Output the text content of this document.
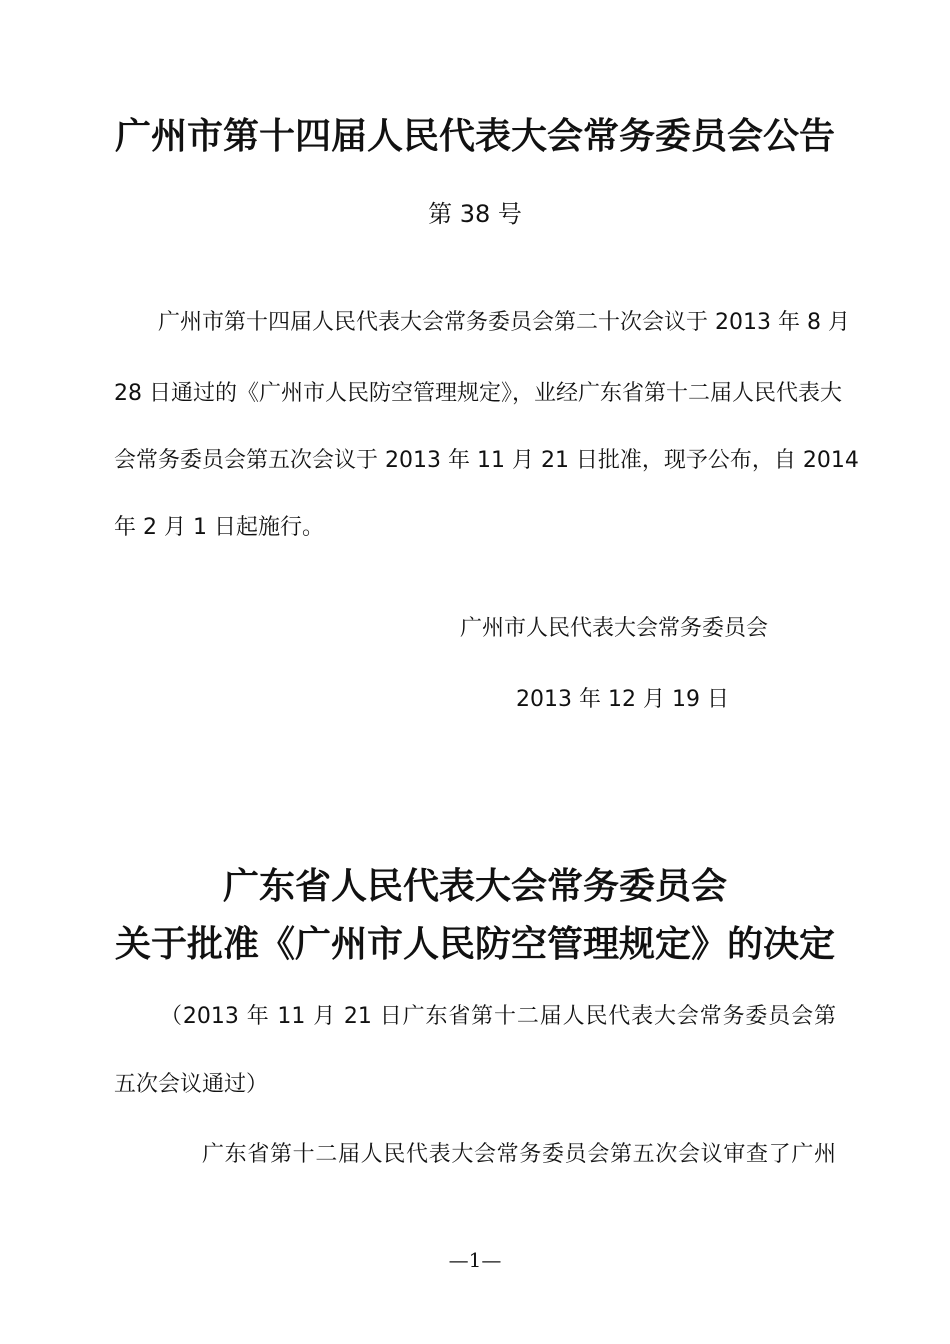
广州市第十四届人民代表大会常务委员会公告
第 38 号
广州市第十四届人民代表大会常务委员会第二十次会议于 2013 年 8 月
28 日通过的《广州市人民防空管理规定》，业经广东省第十二届人民代表大
会常务委员会第五次会议于 2013 年 11 月 21 日批准，现予公布，自 2014
年 2 月 1 日起施行。
广州市人民代表大会常务委员会
2013 年 12 月 19 日
广东省人民代表大会常务委员会
关于批准《广州市人民防空管理规定》的决定
（2013 年 11 月 21 日广东省第十二届人民代表大会常务委员会第
五次会议通过）
广东省第十二届人民代表大会常务委员会第五次会议审查了广州
—1—
